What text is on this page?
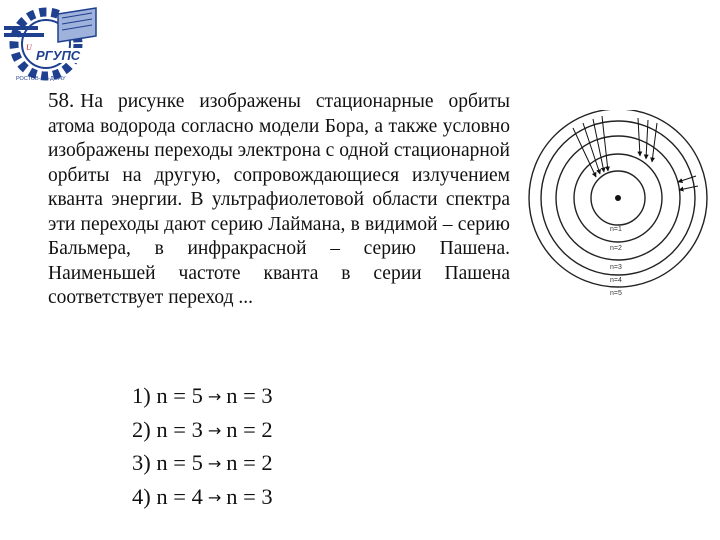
U
РГУПС
РОСТОВ-НА-ДОНУ
58. На рисунке изображены стационарные орбиты атома водорода согласно модели Бора, а также условно изображены переходы электрона с одной стационарной орбиты на другую, сопровождающиеся излучением кванта энергии. В ультрафиолетовой области спектра эти переходы дают серию Лаймана, в видимой – серию Бальмера, в инфракрасной – серию Пашена. Наименьшей частоте кванта в серии Пашена соответствует переход ...
n=1
n=2
n=3
n=4
n=5
1) n = 5 → n = 3
2) n = 3 → n = 2
3) n = 5 → n = 2
4) n = 4 → n = 3
